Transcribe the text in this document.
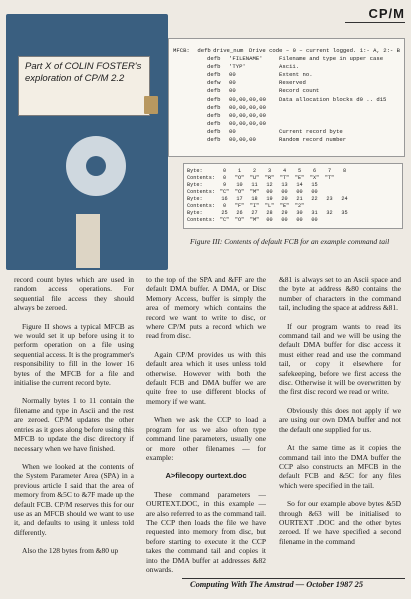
CP/M
Part X of COLIN FOSTER's exploration of CP/M 2.2
MFCB:	defb drive_num Drive code – 0 – current logged. 1:- A, 2:- B
defb	'FILENAME'	Filename and type in upper case
defb	'TYP'	Ascii.
defb	00	Extent no.
defw	00	Reserved
defb	00	Record count
defb	00,00,00,00	Data allocation blocks d0 .. d15
defb	00,00,00,00
defb	00,00,00,00
defb	00,00,00,00
defb	00	Current record byte
defb	00,00,00	Random record number
Byte:	0	1	2	3	4	5	6	7	8
Contents:	0	"O"	"U"	"R"	"T"	"E"	"X"	"T"
Byte:	9	10	11	12	13	14	15
Contents: "C"	"O"	"M"	00	00	00	00
Byte:	16	17	18	19	20	21	22	23	24
Contents:	0	"F"	"I"	"L"	"E"	"2"
Byte:	25	26	27	28	29	30	31	32	35
Contents: "C"	"O"	"M"	00	00	00	00
Figure III: Contents of default FCB for an example command tail

record count bytes which are used in random access operations. For sequential file access they should always be zeroed.

Figure II shows a typical MFCB as we would set it up before using it to perform operation on a file using sequential access. It is the programmer's responsibility to fill in the lower 16 bytes of the MFCB for a file and initialise the current record byte.

Normally bytes 1 to 11 contain the filename and type in Ascii and the rest are zeroed. CP/M updates the other entries as it goes along before using this MFCB to update the disc directory if necessary when we have finished.

When we looked at the contents of the System Parameter Area (SPA) in a previous article I said that the area of memory from &5C to &7F made up the default FCB. CP/M reserves this for our use as an MFCB should we want to use it, and defaults to using it unless told differently.

Also the 128 bytes from &80 up

to the top of the SPA and &FF are the default DMA buffer. A DMA, or Disc Memory Access, buffer is simply the area of memory which contains the record we want to write to disc, or where CP/M puts a record which we read from disc.

Again CP/M provides us with this default area which it uses unless told otherwise. However with both the default FCB and DMA buffer we are quite free to use different blocks of memory if we want.

When we ask the CCP to load a program for us we also often type command line parameters, usually one or more other filenames — for example:

A>filecopy ourtext.doc

These command parameters — OURTEXT.DOC, in this example — are also referred to as the command tail. The CCP then loads the file we have requested into memory from disc, but before starting to execute it the CCP takes the command tail and copies it into the DMA buffer at addresses &82 onwards.

&81 is always set to an Ascii space and the byte at address &80 contains the number of characters in the command tail, including the space at address &81.

If our program wants to read its command tail and we will be using the default DMA buffer for disc access it must either read and use the command tail, or copy it elsewhere for safekeeping, before we first access the disc. Otherwise it will be overwritten by the first disc record we read or write.

Obviously this does not apply if we are using our own DMA buffer and not the default one supplied for us.

At the same time as it copies the command tail into the DMA buffer the CCP also constructs an MFCB in the default FCB and &5C for any files which were specified in the tail.

So for our example above bytes &5D through &63 will be initialised to OURTEXT .DOC and the other bytes zeroed. If we have specified a second filename in the command

Computing With The Amstrad — October 1987 25
